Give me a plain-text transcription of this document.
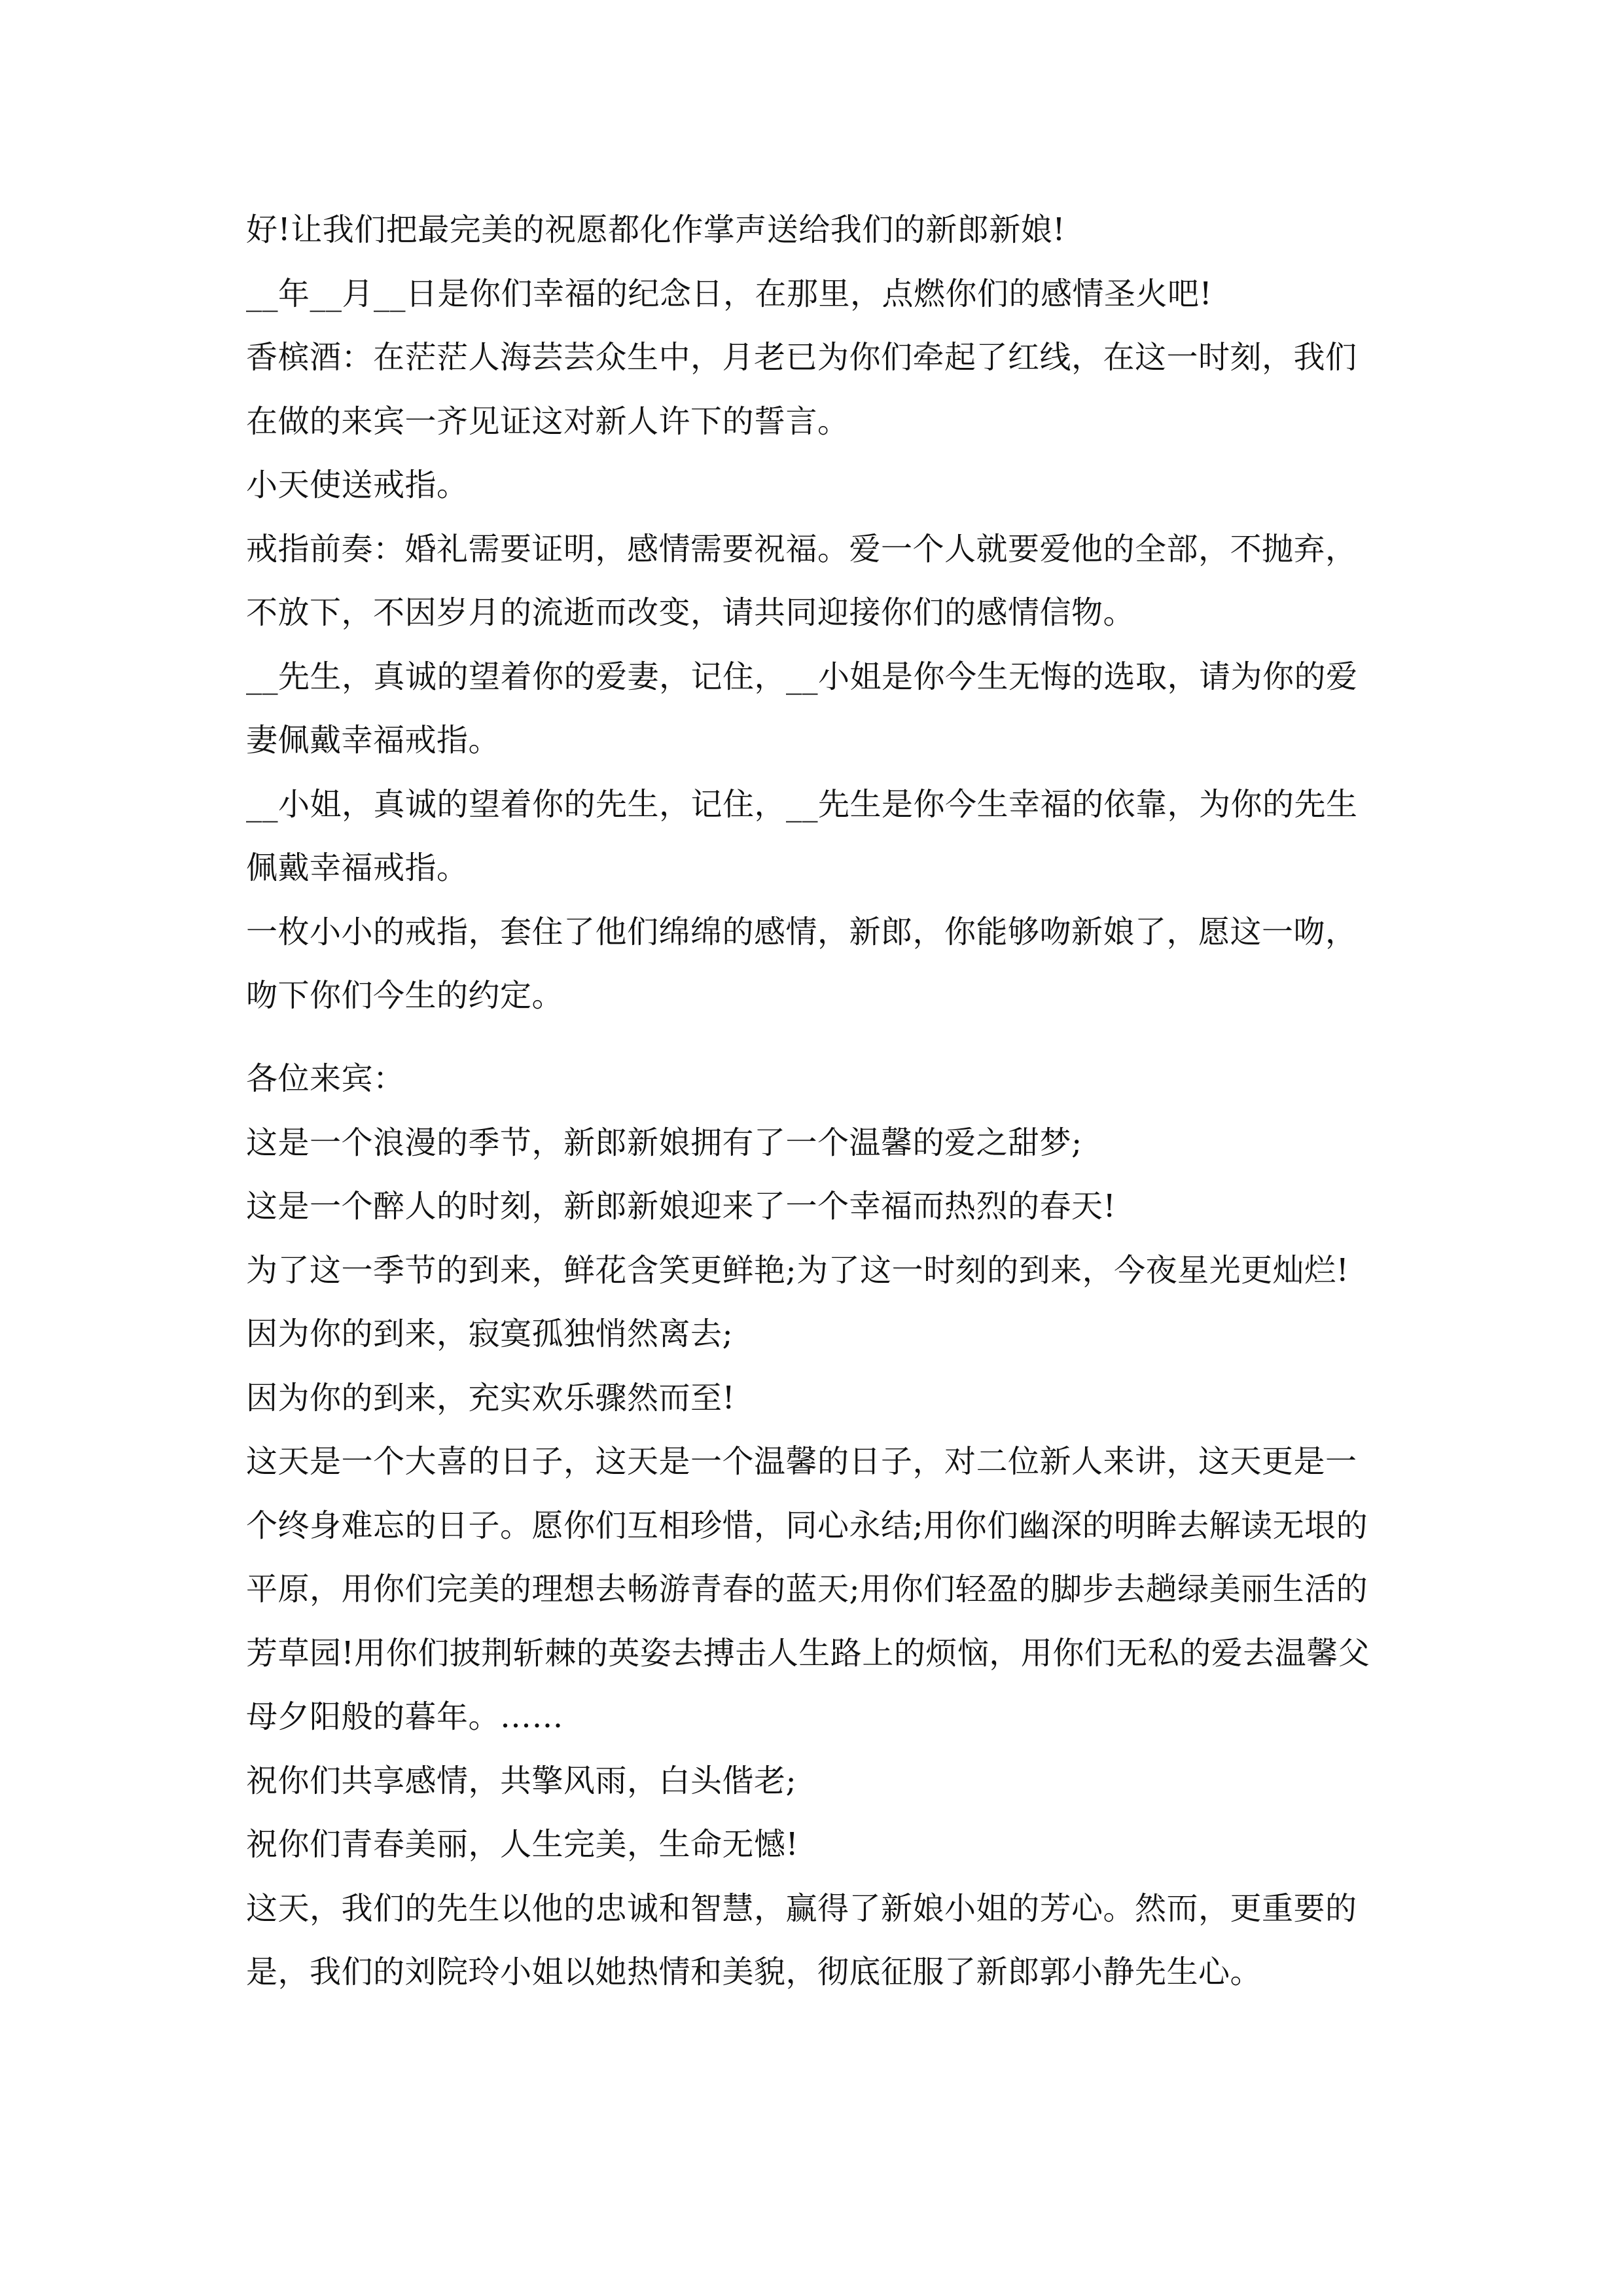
好!让我们把最完美的祝愿都化作掌声送给我们的新郎新娘!

__年__月__日是你们幸福的纪念日，在那里，点燃你们的感情圣火吧!

香槟酒：在茫茫人海芸芸众生中，月老已为你们牵起了红线，在这一时刻，我们在做的来宾一齐见证这对新人许下的誓言。

小天使送戒指。

戒指前奏：婚礼需要证明，感情需要祝福。爱一个人就要爱他的全部，不抛弃，不放下，不因岁月的流逝而改变，请共同迎接你们的感情信物。

__先生，真诚的望着你的爱妻，记住，__小姐是你今生无悔的选取，请为你的爱妻佩戴幸福戒指。

__小姐，真诚的望着你的先生，记住，__先生是你今生幸福的依靠，为你的先生佩戴幸福戒指。

一枚小小的戒指，套住了他们绵绵的感情，新郎，你能够吻新娘了，愿这一吻，吻下你们今生的约定。

各位来宾：

这是一个浪漫的季节，新郎新娘拥有了一个温馨的爱之甜梦;

这是一个醉人的时刻，新郎新娘迎来了一个幸福而热烈的春天!

为了这一季节的到来，鲜花含笑更鲜艳;为了这一时刻的到来，今夜星光更灿烂!

因为你的到来，寂寞孤独悄然离去;

因为你的到来，充实欢乐骤然而至!

这天是一个大喜的日子，这天是一个温馨的日子，对二位新人来讲，这天更是一个终身难忘的日子。愿你们互相珍惜，同心永结;用你们幽深的明眸去解读无垠的平原，用你们完美的理想去畅游青春的蓝天;用你们轻盈的脚步去趟绿美丽生活的芳草园!用你们披荆斩棘的英姿去搏击人生路上的烦恼，用你们无私的爱去温馨父母夕阳般的暮年。……

祝你们共享感情，共擎风雨，白头偕老;

祝你们青春美丽，人生完美，生命无憾!

这天，我们的先生以他的忠诚和智慧，赢得了新娘小姐的芳心。然而，更重要的是，我们的刘院玲小姐以她热情和美貌，彻底征服了新郎郭小静先生心。
